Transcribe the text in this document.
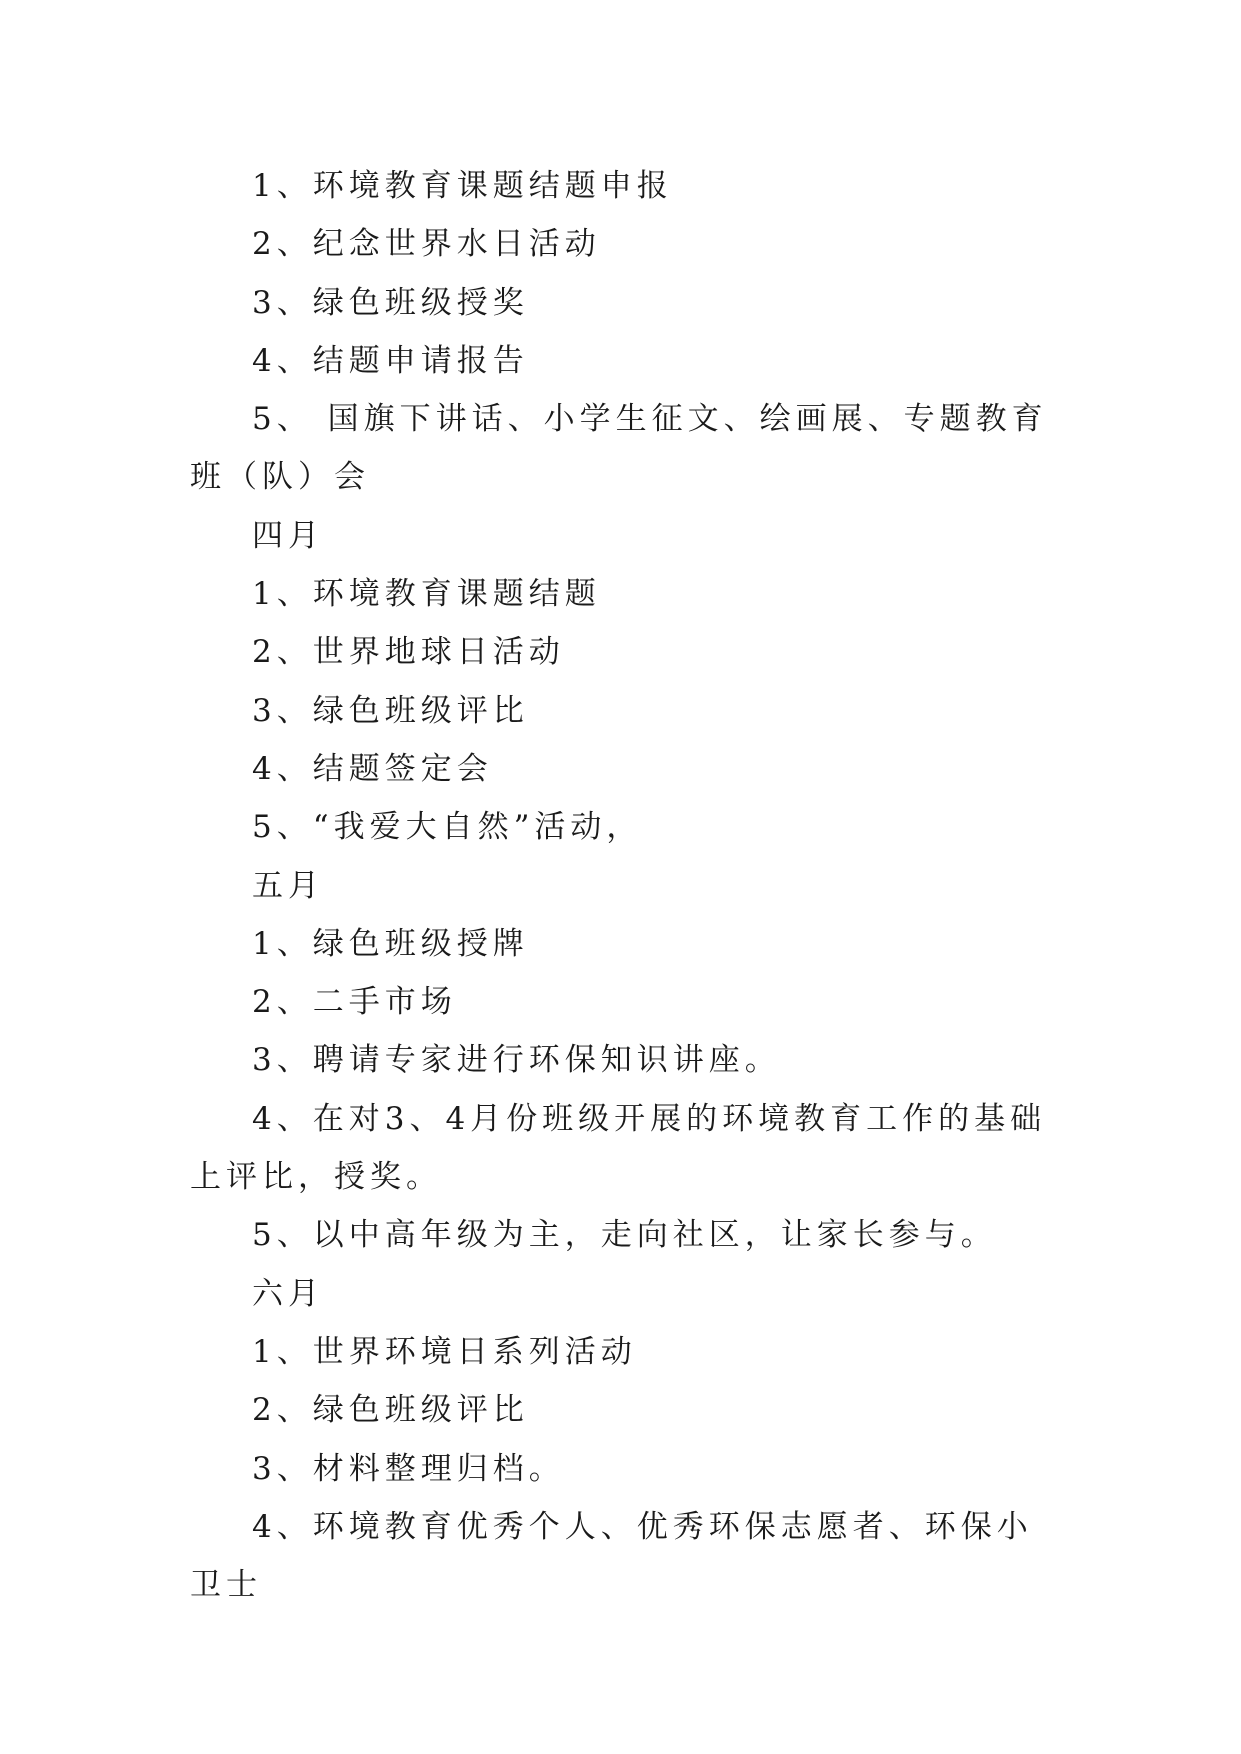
1、环境教育课题结题申报

2、纪念世界水日活动

3、绿色班级授奖

4、结题申请报告

5、 国旗下讲话、小学生征文、绘画展、专题教育班（队）会

四月

1、环境教育课题结题

2、世界地球日活动

3、绿色班级评比

4、结题签定会

5、“我爱大自然”活动，

五月

1、绿色班级授牌

2、二手市场

3、聘请专家进行环保知识讲座。

4、在对3、4月份班级开展的环境教育工作的基础上评比，授奖。

5、以中高年级为主，走向社区，让家长参与。

六月

1、世界环境日系列活动

2、绿色班级评比

3、材料整理归档。

4、环境教育优秀个人、优秀环保志愿者、环保小卫士
